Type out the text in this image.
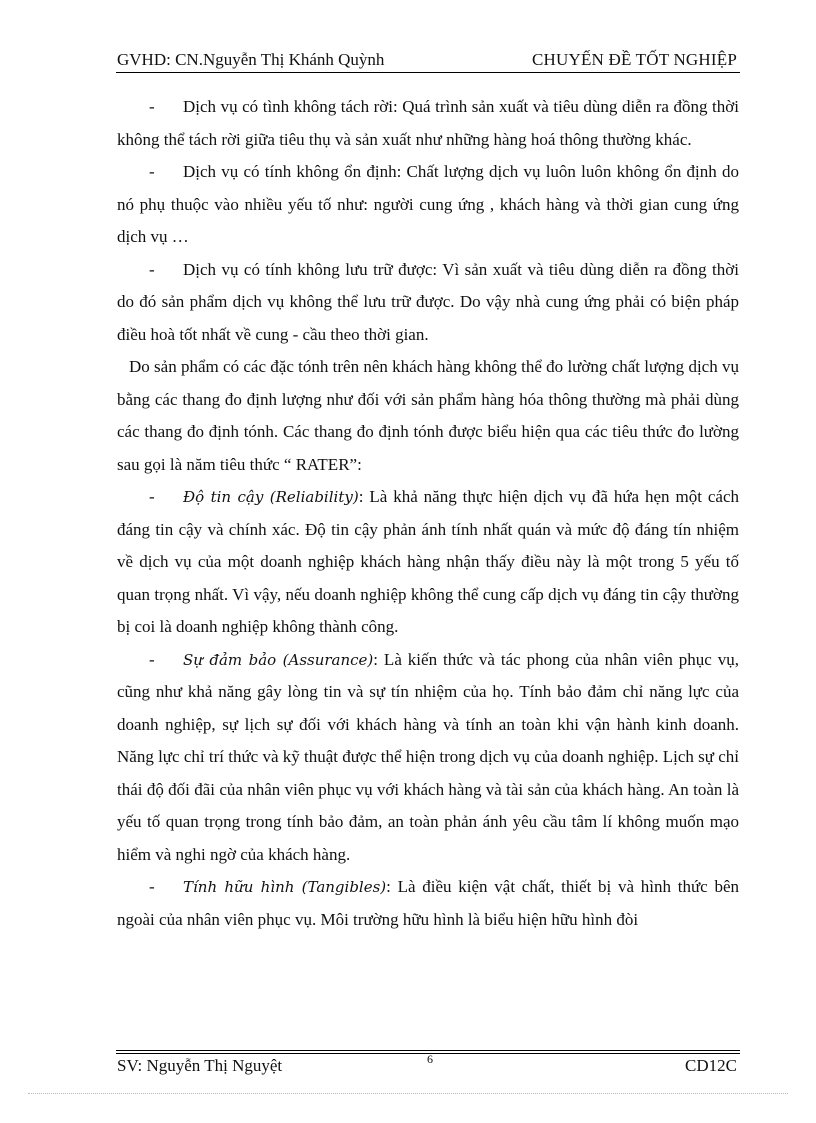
GVHD: CN.Nguyễn Thị Khánh Quỳnh	CHUYẾN ĐỀ TỐT NGHIỆP

- Dịch vụ có tình không tách rời: Quá trình sản xuất và tiêu dùng diễn ra đồng thời không thể tách rời giữa tiêu thụ và sản xuất như những hàng hoá thông thường khác.

- Dịch vụ có tính không ổn định: Chất lượng dịch vụ luôn luôn không ổn định do nó phụ thuộc vào nhiều yếu tố như: người cung ứng , khách hàng và thời gian cung ứng dịch vụ …

- Dịch vụ có tính không lưu trữ được: Vì sản xuất và tiêu dùng diễn ra đồng thời do đó sản phẩm dịch vụ không thể lưu trữ được. Do vậy nhà cung ứng phải có biện pháp điều hoà tốt nhất về cung - cầu theo thời gian.

Do sản phẩm có các đặc tónh trên nên khách hàng không thể đo lường chất lượng dịch vụ bằng các thang đo định lượng như đối với sản phẩm hàng hóa thông thường mà phải dùng các thang đo định tónh. Các thang đo định tónh được biểu hiện qua các tiêu thức đo lường sau gọi là năm tiêu thức “ RATER”:

- Độ tin cậy (Reliability): Là khả năng thực hiện dịch vụ đã hứa hẹn một cách đáng tin cậy và chính xác. Độ tin cậy phản ánh tính nhất quán và mức độ đáng tín nhiệm về dịch vụ của một doanh nghiệp khách hàng nhận thấy điều này là một trong 5 yếu tố quan trọng nhất. Vì vậy, nếu doanh nghiệp không thể cung cấp dịch vụ đáng tin cậy thường bị coi là doanh nghiệp không thành công.

- Sự đảm bảo (Assurance): Là kiến thức và tác phong của nhân viên phục vụ, cũng như khả năng gây lòng tin và sự tín nhiệm của họ. Tính bảo đảm chỉ năng lực của doanh nghiệp, sự lịch sự đối với khách hàng và tính an toàn khi vận hành kinh doanh. Năng lực chỉ trí thức và kỹ thuật được thể hiện trong dịch vụ của doanh nghiệp. Lịch sự chỉ thái độ đối đãi của nhân viên phục vụ với khách hàng và tài sản của khách hàng. An toàn là yếu tố quan trọng trong tính bảo đảm, an toàn phản ánh yêu cầu tâm lí không muốn mạo hiểm và nghi ngờ của khách hàng.

- Tính hữu hình (Tangibles): Là điều kiện vật chất, thiết bị và hình thức bên ngoài của nhân viên phục vụ. Môi trường hữu hình là biểu hiện hữu hình đòi

SV: Nguyễn Thị Nguyệt	6	CD12C
